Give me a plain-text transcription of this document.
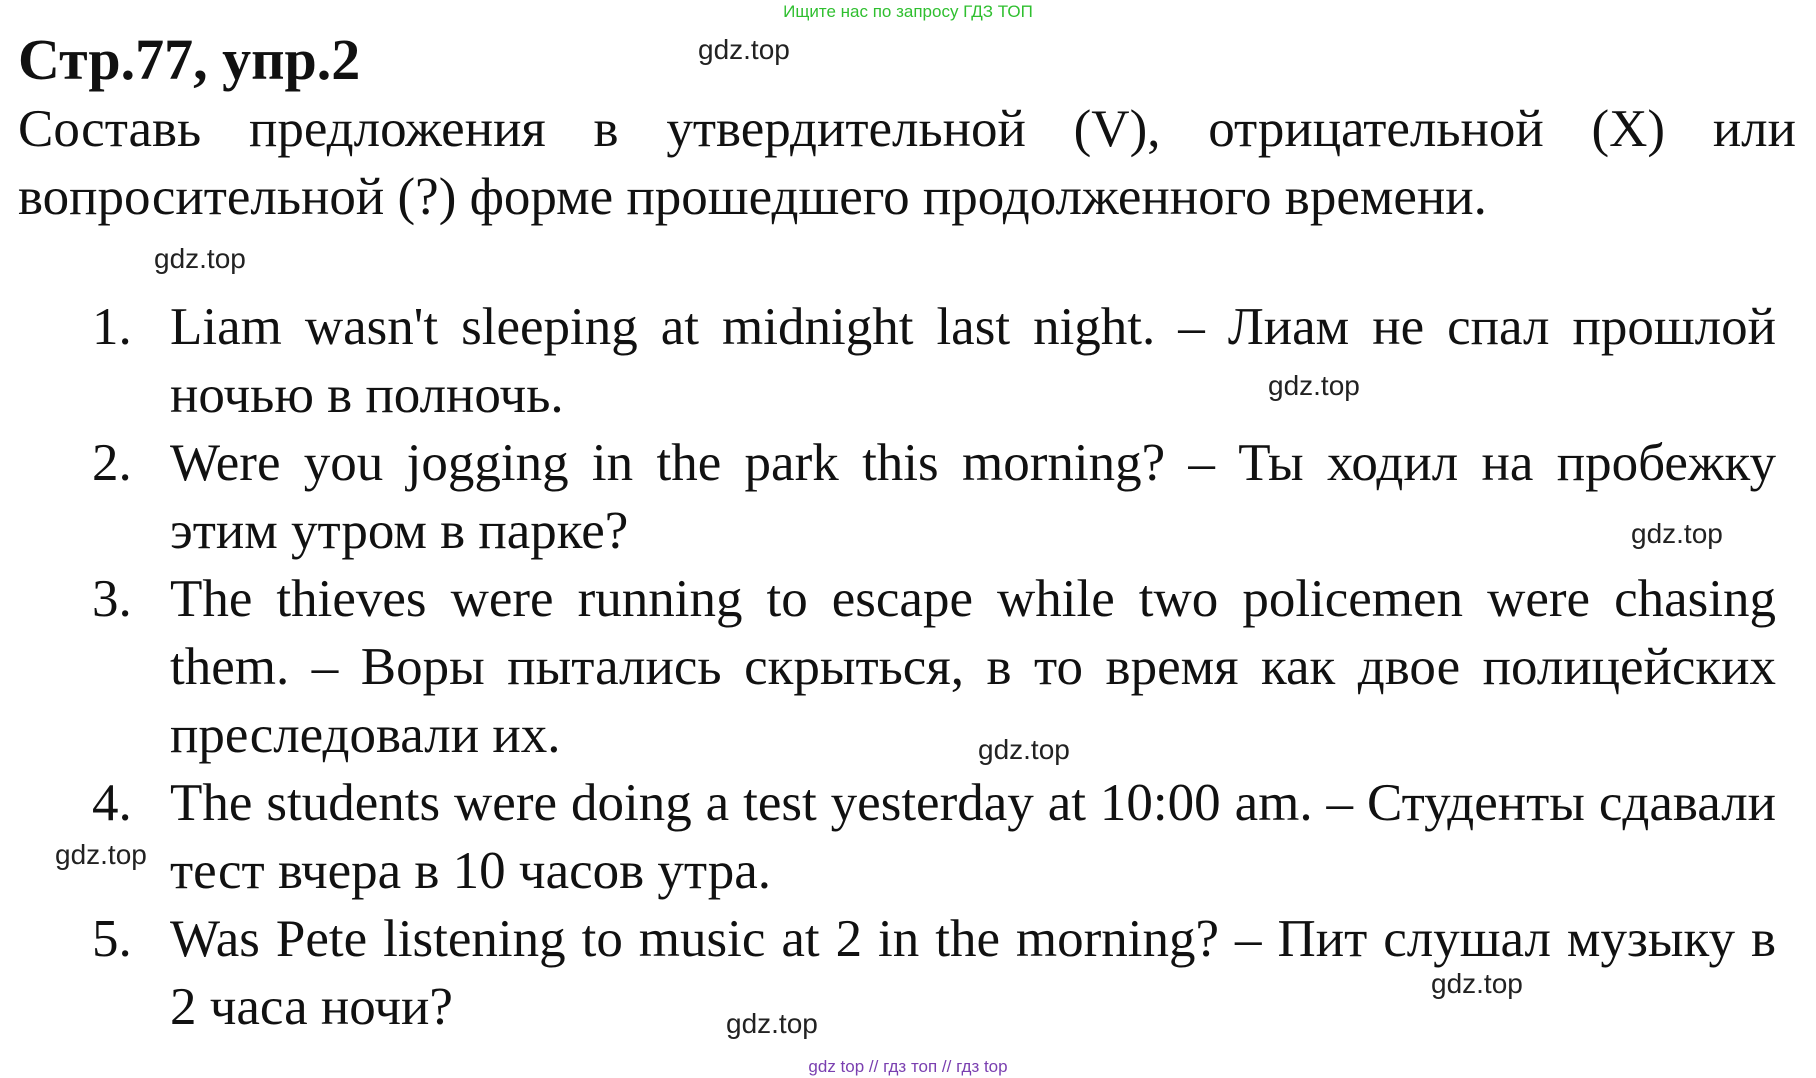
Ищите нас по запросу ГДЗ ТОП
Стр.77, упр.2

Составь предложения в утвердительной (V), отрицательной (X) или вопросительной (?) форме прошедшего продолженного времени.

1. Liam wasn't sleeping at midnight last night. – Лиам не спал прошлой ночью в полночь.
2. Were you jogging in the park this morning? – Ты ходил на пробежку этим утром в парке?
3. The thieves were running to escape while two policemen were chasing them. – Воры пытались скрыться, в то время как двое полицейских преследовали их.
4. The students were doing a test yesterday at 10:00 am. – Студенты сдавали тест вчера в 10 часов утра.
5. Was Pete listening to music at 2 in the morning? – Пит слушал музыку в 2 часа ночи?
gdz.top
gdz.top
gdz.top
gdz.top
gdz.top
gdz.top
gdz.top
gdz.top
gdz top // гдз топ // гдз top
